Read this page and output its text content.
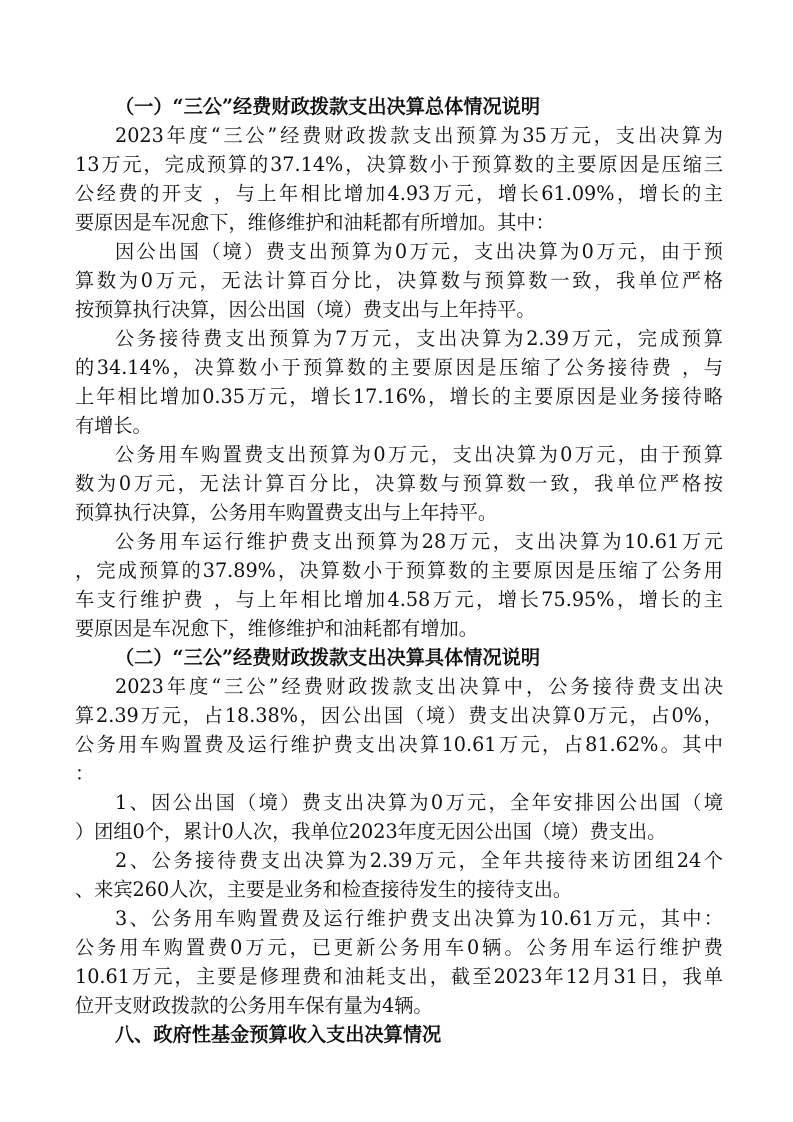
（一）“三公”经费财政拨款支出决算总体情况说明
2023年度“三公”经费财政拨款支出预算为35万元，支出决算为
13万元，完成预算的37.14%，决算数小于预算数的主要原因是压缩三
公经费的开支 ，与上年相比增加4.93万元，增长61.09%，增长的主
要原因是车况愈下，维修维护和油耗都有所增加。其中：
因公出国（境）费支出预算为0万元，支出决算为0万元，由于预
算数为0万元，无法计算百分比，决算数与预算数一致，我单位严格
按预算执行决算，因公出国（境）费支出与上年持平。
公务接待费支出预算为7万元，支出决算为2.39万元，完成预算
的34.14%，决算数小于预算数的主要原因是压缩了公务接待费 ，与
上年相比增加0.35万元，增长17.16%，增长的主要原因是业务接待略
有增长。
公务用车购置费支出预算为0万元，支出决算为0万元，由于预算
数为0万元，无法计算百分比，决算数与预算数一致，我单位严格按
预算执行决算，公务用车购置费支出与上年持平。
公务用车运行维护费支出预算为28万元，支出决算为10.61万元
，完成预算的37.89%，决算数小于预算数的主要原因是压缩了公务用
车支行维护费 ，与上年相比增加4.58万元，增长75.95%，增长的主
要原因是车况愈下，维修维护和油耗都有增加。
（二）“三公”经费财政拨款支出决算具体情况说明
2023年度“三公”经费财政拨款支出决算中，公务接待费支出决
算2.39万元，占18.38%，因公出国（境）费支出决算0万元，占0%，
公务用车购置费及运行维护费支出决算10.61万元，占81.62%。其中
：
1、因公出国（境）费支出决算为0万元，全年安排因公出国（境
）团组0个，累计0人次，我单位2023年度无因公出国（境）费支出。
2、公务接待费支出决算为2.39万元，全年共接待来访团组24个
、来宾260人次，主要是业务和检查接待发生的接待支出。
3、公务用车购置费及运行维护费支出决算为10.61万元，其中：
公务用车购置费0万元，已更新公务用车0辆。公务用车运行维护费
10.61万元，主要是修理费和油耗支出，截至2023年12月31日，我单
位开支财政拨款的公务用车保有量为4辆。
八、政府性基金预算收入支出决算情况
